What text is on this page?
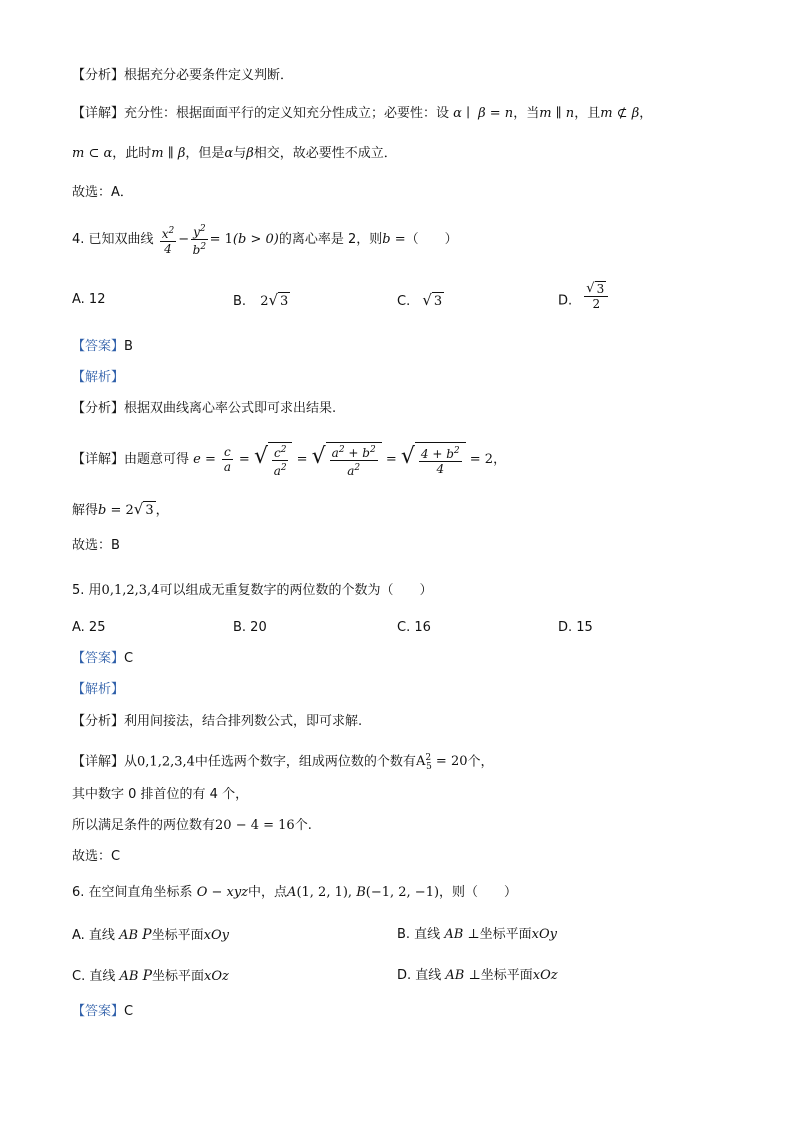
【分析】根据充分必要条件定义判断．
【详解】充分性：根据面面平行的定义知充分性成立；必要性：设 α ∣  β = n，当m ∥ n，且m ⊄ β，
m ⊂ α，此时m ∥ β，但是α与β相交，故必要性不成立．
故选：A．
4. 已知双曲线 $\frac{x^2}{4} - \frac{y^2}{b^2} = 1(b > 0)$的离心率是 2，则b =（　　）
A. 12	B. 2√ 3	C. √ 3	D. $\frac{√ 3}{2}$
【答案】B
【解析】
【分析】根据双曲线离心率公式即可求出结果.
【详解】由题意可得 $e = \frac{c}{a}$ = √ $\frac{c^2}{a^2}$ = √ $\frac{a^2 + b^2}{a^2}$ = √ $\frac{4 + b^2}{4} = 2$，
解得b = 2√ 3 ，
故选：B
5. 用0,1,2,3,4可以组成无重复数字的两位数的个数为（　　）
A. 25	B. 20	C. 16	D. 15
【答案】C
【解析】
【分析】利用间接法，结合排列数公式，即可求解.
【详解】从0,1,2,3,4中任选两个数字，组成两位数的个数有$A^2_5 = 20$个，
其中数字 0 排首位的有 4 个，
所以满足条件的两位数有20 − 4 = 16个.
故选：C
6. 在空间直角坐标系 O − xyz中，点A(1, 2, 1), B(−1, 2, −1)，则（　　）
A. 直线 AB P坐标平面xOy	B. 直线 AB ⊥坐标平面xOy
C. 直线 AB P坐标平面xOz	D. 直线 AB ⊥坐标平面xOz
【答案】C
